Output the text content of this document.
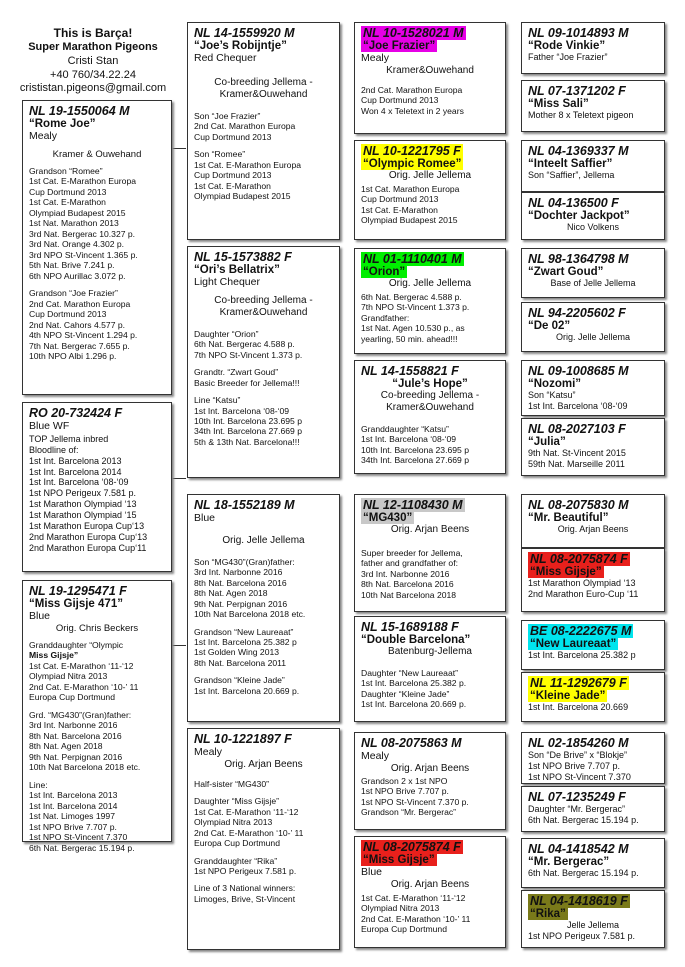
This is Barça!
Super Marathon Pigeons
Cristi Stan
+40 760/34.22.24
crististan.pigeons@gmail.com
NL 19-1550064 M
“Rome Joe”
Mealy
Kramer & Ouwehand
Grandson “Romee”
1st Cat. E-Marathon Europa
Cup Dortmund 2013
1st Cat. E-Marathon
Olympiad Budapest 2015
1st Nat. Marathon 2013
3rd Nat. Bergerac 10.327 p.
3rd Nat. Orange 4.302 p.
3rd NPO St-Vincent 1.365 p.
5th Nat. Brive 7.241 p.
6th NPO Aurillac 3.072 p.
Grandson “Joe Frazier”
2nd Cat. Marathon Europa
Cup Dortmund 2013
2nd Nat. Cahors 4.577 p.
4th NPO St-Vincent 1.294 p.
7th Nat. Bergerac 7.655 p.
10th NPO Albi 1.296 p.
RO 20-732424 F
Blue WF
TOP Jellema inbred
Bloodline of:
1st Int. Barcelona 2013
1st Int. Barcelona 2014
1st Int. Barcelona ‘08-‘09
1st NPO Perigeux 7.581 p.
1st Marathon Olympiad ‘13
1st Marathon Olympiad ‘15
1st Marathon Europa Cup‘13
2nd Marathon Europa Cup‘13
2nd Marathon Europa Cup‘11
NL 19-1295471 F
“Miss Gijsje 471”
Blue
Orig. Chris Beckers
Granddaughter “Olympic
Miss Gijsje”
1st Cat. E-Marathon ‘11-‘12
Olympiad Nitra 2013
2nd Cat. E-Marathon ‘10-’ 11
Europa Cup Dortmund
Grd. “MG430”(Gran)father:
3rd Int. Narbonne 2016
8th Nat. Barcelona 2016
8th Nat. Agen 2018
9th Nat. Perpignan 2016
10th Nat Barcelona 2018 etc.
Line:
1st Int. Barcelona 2013
1st Int. Barcelona 2014
1st Nat. Limoges 1997
1st NPO Brive 7.707 p.
1st NPO St-Vincent 7.370
6th Nat. Bergerac 15.194 p.
NL 14-1559920 M
“Joe’s Robijntje”
Red Chequer
Co-breeding Jellema -
Kramer&Ouwehand
Son “Joe Frazier”
2nd Cat. Marathon Europa
Cup Dortmund 2013
Son “Romee”
1st Cat. E-Marathon Europa
Cup Dortmund 2013
1st Cat. E-Marathon
Olympiad Budapest 2015
NL 15-1573882 F
“Ori’s Bellatrix”
Light Chequer
Co-breeding Jellema -
Kramer&Ouwehand
Daughter “Orion”
6th Nat. Bergerac 4.588 p.
7th NPO St-Vincent 1.373 p.
Grandtr. “Zwart Goud”
Basic Breeder for Jellema!!!
Line “Katsu”
1st Int. Barcelona ‘08-‘09
10th Int. Barcelona 23.695 p
34th Int. Barcelona 27.669 p
5th & 13th Nat. Barcelona!!!
NL 18-1552189 M
Blue
Orig. Jelle Jellema
Son “MG430”(Gran)father:
3rd Int. Narbonne 2016
8th Nat. Barcelona 2016
8th Nat. Agen 2018
9th Nat. Perpignan 2016
10th Nat Barcelona 2018 etc.
Grandson “New Laureaat”
1st Int. Barcelona 25.382 p
1st Golden Wing 2013
8th Nat. Barcelona 2011
Grandson “Kleine Jade”
1st Int. Barcelona 20.669 p.
NL 10-1221897 F
Mealy
Orig. Arjan Beens
Half-sister “MG430”
Daughter “Miss Gijsje”
1st Cat. E-Marathon ‘11-‘12
Olympiad Nitra 2013
2nd Cat. E-Marathon ‘10-’ 11
Europa Cup Dortmund
Granddaughter “Rika”
1st NPO Perigeux 7.581 p.
Line of 3 National winners:
Limoges, Brive, St-Vincent
NL 10-1528021 M
“Joe Frazier”
Mealy
Kramer&Ouwehand
2nd Cat. Marathon Europa
Cup Dortmund 2013
Won 4 x Teletext in 2 years
NL 10-1221795 F
“Olympic Romee”
Orig. Jelle Jellema
1st Cat. Marathon Europa
Cup Dortmund 2013
1st Cat. E-Marathon
Olympiad Budapest 2015
NL 01-1110401 M
“Orion”
Orig. Jelle Jellema
6th Nat. Bergerac 4.588 p.
7th NPO St-Vincent 1.373 p.
Grandfather:
1st Nat. Agen 10.530 p., as
yearling, 50 min. ahead!!!
NL 14-1558821 F
“Jule’s Hope”
Co-breeding Jellema -
Kramer&Ouwehand
Granddaughter “Katsu”
1st Int. Barcelona ‘08-‘09
10th Int. Barcelona 23.695 p
34th Int. Barcelona 27.669 p
NL 12-1108430 M
“MG430”
Orig. Arjan Beens
Super breeder for Jellema,
father and grandfather of:
3rd Int. Narbonne 2016
8th Nat. Barcelona 2016
10th Nat Barcelona 2018
NL 15-1689188 F
“Double Barcelona”
Batenburg-Jellema
Daughter “New Laureaat”
1st Int. Barcelona 25.382 p.
Daughter “Kleine Jade”
1st Int. Barcelona 20.669 p.
NL 08-2075863 M
Mealy
Orig. Arjan Beens
Grandson 2 x 1st NPO
1st NPO Brive 7.707 p.
1st NPO St-Vincent 7.370 p.
Grandson “Mr. Bergerac”
NL 08-2075874 F
“Miss Gijsje”
Blue
Orig. Arjan Beens
1st Cat. E-Marathon ‘11-‘12
Olympiad Nitra 2013
2nd Cat. E-Marathon ‘10-’ 11
Europa Cup Dortmund
NL 09-1014893 M
“Rode Vinkie”
Father “Joe Frazier”
NL 07-1371202 F
“Miss Sali”
Mother 8 x Teletext pigeon
NL 04-1369337 M
“Inteelt Saffier”
Son “Saffier”, Jellema
NL 04-136500 F
“Dochter Jackpot”
Nico Volkens
NL 98-1364798 M
“Zwart Goud”
Base of Jelle Jellema
NL 94-2205602 F
“De 02”
Orig. Jelle Jellema
NL 09-1008685 M
“Nozomi”
Son “Katsu”
1st Int. Barcelona ‘08-‘09
NL 08-2027103 F
“Julia”
9th Nat. St-Vincent 2015
59th Nat. Marseille 2011
NL 08-2075830 M
“Mr. Beautiful”
Orig. Arjan Beens
NL 08-2075874 F
“Miss Gijsje”
1st Marathon Olympiad ‘13
2nd Marathon Euro-Cup ‘11
BE 08-2222675 M
“New Laureaat”
1st Int. Barcelona 25.382 p
NL 11-1292679 F
“Kleine Jade”
1st Int. Barcelona 20.669
NL 02-1854260 M
Son “De Brive” x “Blokje”
1st NPO Brive 7.707 p.
1st NPO St-Vincent 7.370
NL 07-1235249 F
Daughter “Mr. Bergerac”
6th Nat. Bergerac 15.194 p.
NL 04-1418542 M
“Mr. Bergerac”
6th Nat. Bergerac 15.194 p.
NL 04-1418619 F
“Rika”
Jelle Jellema
1st NPO Perigeux 7.581 p.
